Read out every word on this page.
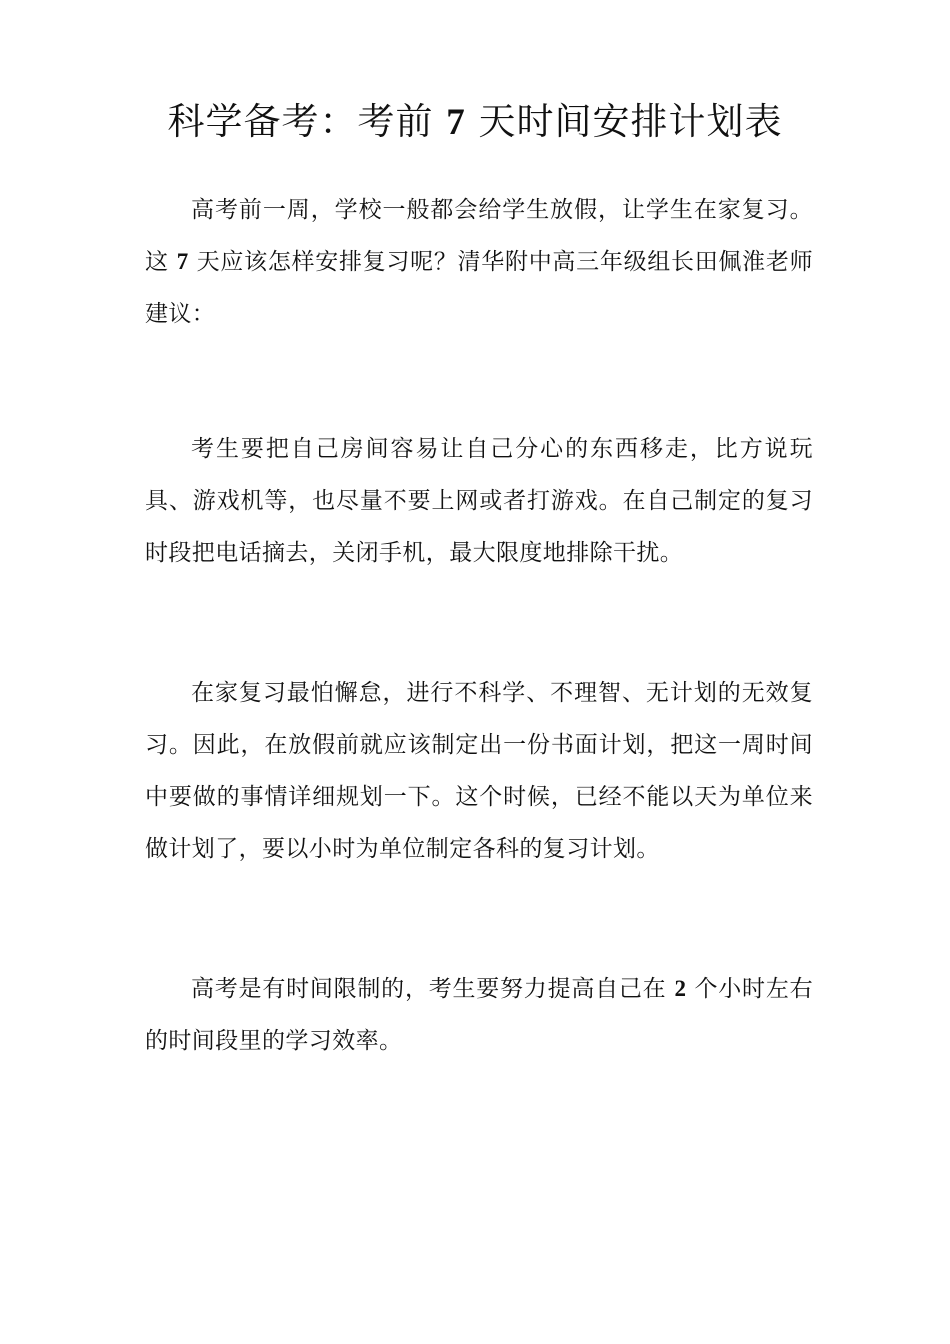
科学备考：考前 7 天时间安排计划表

高考前一周，学校一般都会给学生放假，让学生在家复习。这 7 天应该怎样安排复习呢？清华附中高三年级组长田佩淮老师建议：

考生要把自己房间容易让自己分心的东西移走，比方说玩具、游戏机等，也尽量不要上网或者打游戏。在自己制定的复习时段把电话摘去，关闭手机，最大限度地排除干扰。

在家复习最怕懈怠，进行不科学、不理智、无计划的无效复习。因此，在放假前就应该制定出一份书面计划，把这一周时间中要做的事情详细规划一下。这个时候，已经不能以天为单位来做计划了，要以小时为单位制定各科的复习计划。

高考是有时间限制的，考生要努力提高自己在 2 个小时左右的时间段里的学习效率。
